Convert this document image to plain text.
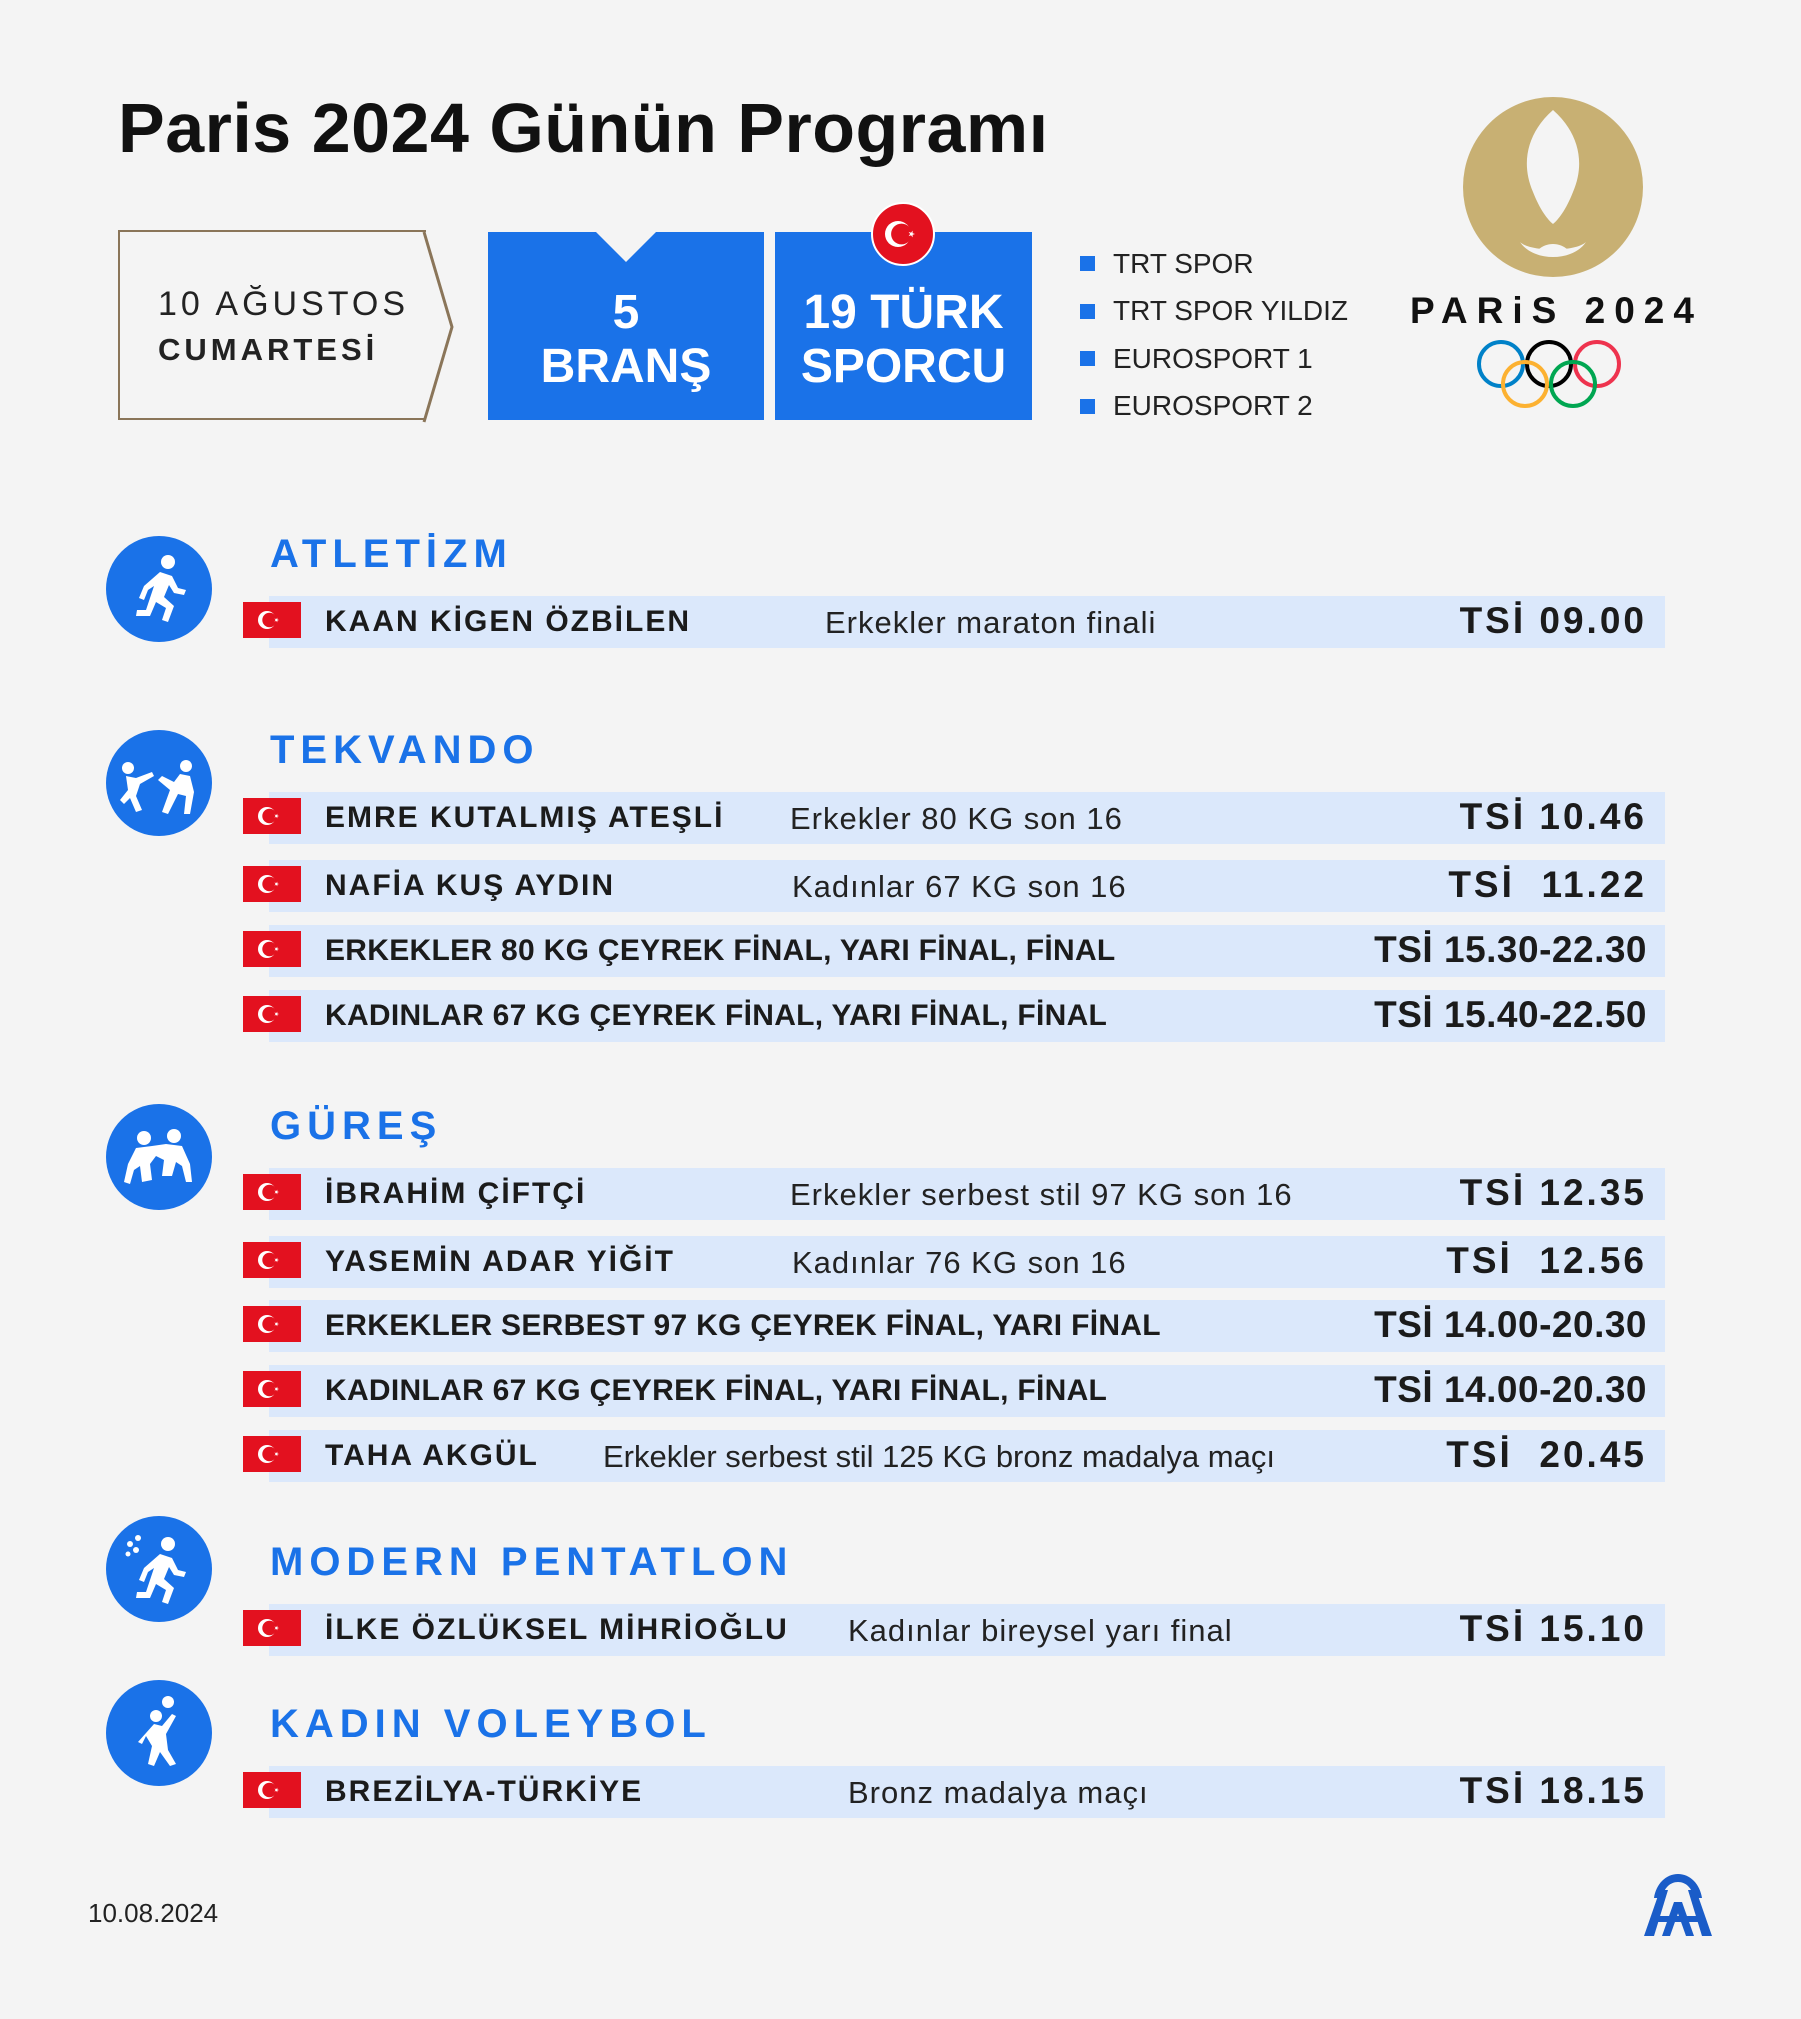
Paris 2024 Günün Programı
10 AĞUSTOS
CUMARTESİ
5
BRANŞ
19 TÜRK
SPORCU
TRT SPOR
TRT SPOR YILDIZ
EUROSPORT 1
EUROSPORT 2
PARiS 2024
ATLETİZM
KAAN KİGEN ÖZBİLEN	Erkekler maraton finali	TSİ 09.00
TEKVANDO
EMRE KUTALMIŞ ATEŞLİ Erkekler 80 KG son 16	TSİ 10.46
NAFİA KUŞ AYDIN	Kadınlar 67 KG son 16	TSİ  11.22
ERKEKLER 80 KG ÇEYREK FİNAL, YARI FİNAL, FİNAL	TSİ 15.30-22.30
KADINLAR 67 KG ÇEYREK FİNAL, YARI FİNAL, FİNAL	TSİ 15.40-22.50
GÜREŞ
İBRAHİM ÇİFTÇİ	Erkekler serbest stil 97 KG son 16	TSİ 12.35
YASEMİN ADAR YİĞİT	Kadınlar 76 KG son 16	TSİ  12.56
ERKEKLER SERBEST 97 KG ÇEYREK FİNAL, YARI FİNAL	TSİ 14.00-20.30
KADINLAR 67 KG ÇEYREK FİNAL, YARI FİNAL, FİNAL	TSİ 14.00-20.30
TAHA AKGÜL Erkekler serbest stil 125 KG bronz madalya maçı	TSİ  20.45
MODERN PENTATLON
İLKE ÖZLÜKSEL MİHRİOĞLU Kadınlar bireysel yarı final	TSİ 15.10
KADIN VOLEYBOL
BREZİLYA-TÜRKİYE	Bronz madalya maçı	TSİ 18.15
10.08.2024
